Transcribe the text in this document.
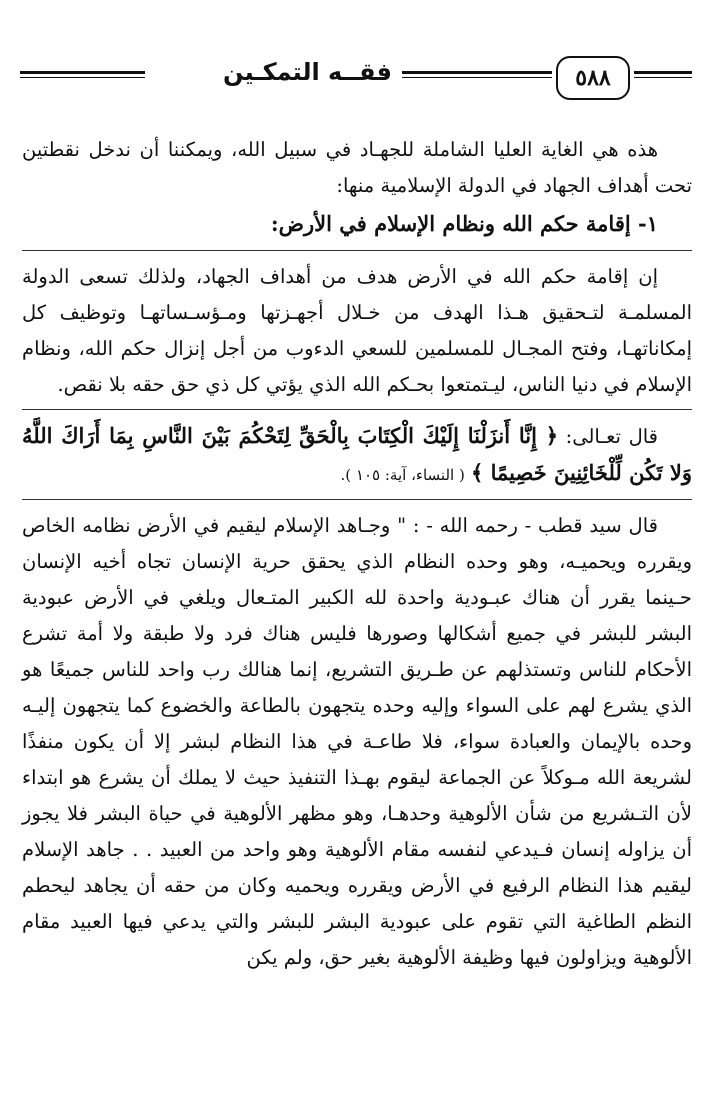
٥٨٨
فقــه التمكـين

هذه هي الغاية العليا الشاملة للجهـاد في سبيل الله، ويمكننا أن ندخل نقطتين تحت أهداف الجهاد في الدولة الإسلامية منها:

١- إقامة حكم الله ونظام الإسلام في الأرض:

إن إقامة حكم الله في الأرض هدف من أهداف الجهاد، ولذلك تسعى الدولة المسلمـة لتـحقيق هـذا الهدف من خـلال أجهـزتها ومـؤسـساتهـا وتوظيف كل إمكاناتهـا، وفتح المجـال للمسلمين للسعي الدءوب من أجل إنزال حكم الله، ونظام الإسلام في دنيا الناس، ليـتمتعوا بحـكم الله الذي يؤتي كل ذي حق حقه بلا نقص.

قال تعـالى: ﴿ إِنَّا أَنزَلْنَا إِلَيْكَ الْكِتَابَ بِالْحَقِّ لِتَحْكُمَ بَيْنَ النَّاسِ بِمَا أَرَاكَ اللَّهُ وَلا تَكُن لِّلْخَائِنِينَ خَصِيمًا ﴾ ( النساء، آية: ١٠٥ ).

قال سيد قطب - رحمه الله - : " وجـاهد الإسلام ليقيم في الأرض نظامه الخاص ويقرره ويحميـه، وهو وحده النظام الذي يحقق حرية الإنسان تجاه أخيه الإنسان حـينما يقرر أن هناك عبـودية واحدة لله الكبير المتـعال ويلغي في الأرض عبودية البشر للبشر في جميع أشكالها وصورها فليس هناك فرد ولا طبقة ولا أمة تشرع الأحكام للناس وتستذلهم عن طـريق التشريع، إنما هنالك رب واحد للناس جميعًا هو الذي يشرع لهم على السواء وإليه وحده يتجهون بالطاعة والخضوع كما يتجهون إليـه وحده بالإيمان والعبادة سواء، فلا طاعـة في هذا النظام لبشر إلا أن يكون منفذًا لشريعة الله مـوكلاً عن الجماعة ليقوم بهـذا التنفيذ حيث لا يملك أن يشرع هو ابتداء لأن التـشريع من شأن الألوهية وحدهـا، وهو مظهر الألوهية في حياة البشر فلا يجوز أن يزاوله إنسان فـيدعي لنفسه مقام الألوهية وهو واحد من العبيد . . جاهد الإسلام ليقيم هذا النظام الرفيع في الأرض ويقرره ويحميه وكان من حقه أن يجاهد ليحطم النظم الطاغية التي تقوم على عبودية البشر للبشر والتي يدعي فيها العبيد مقام الألوهية ويزاولون فيها وظيفة الألوهية بغير حق، ولم يكن
